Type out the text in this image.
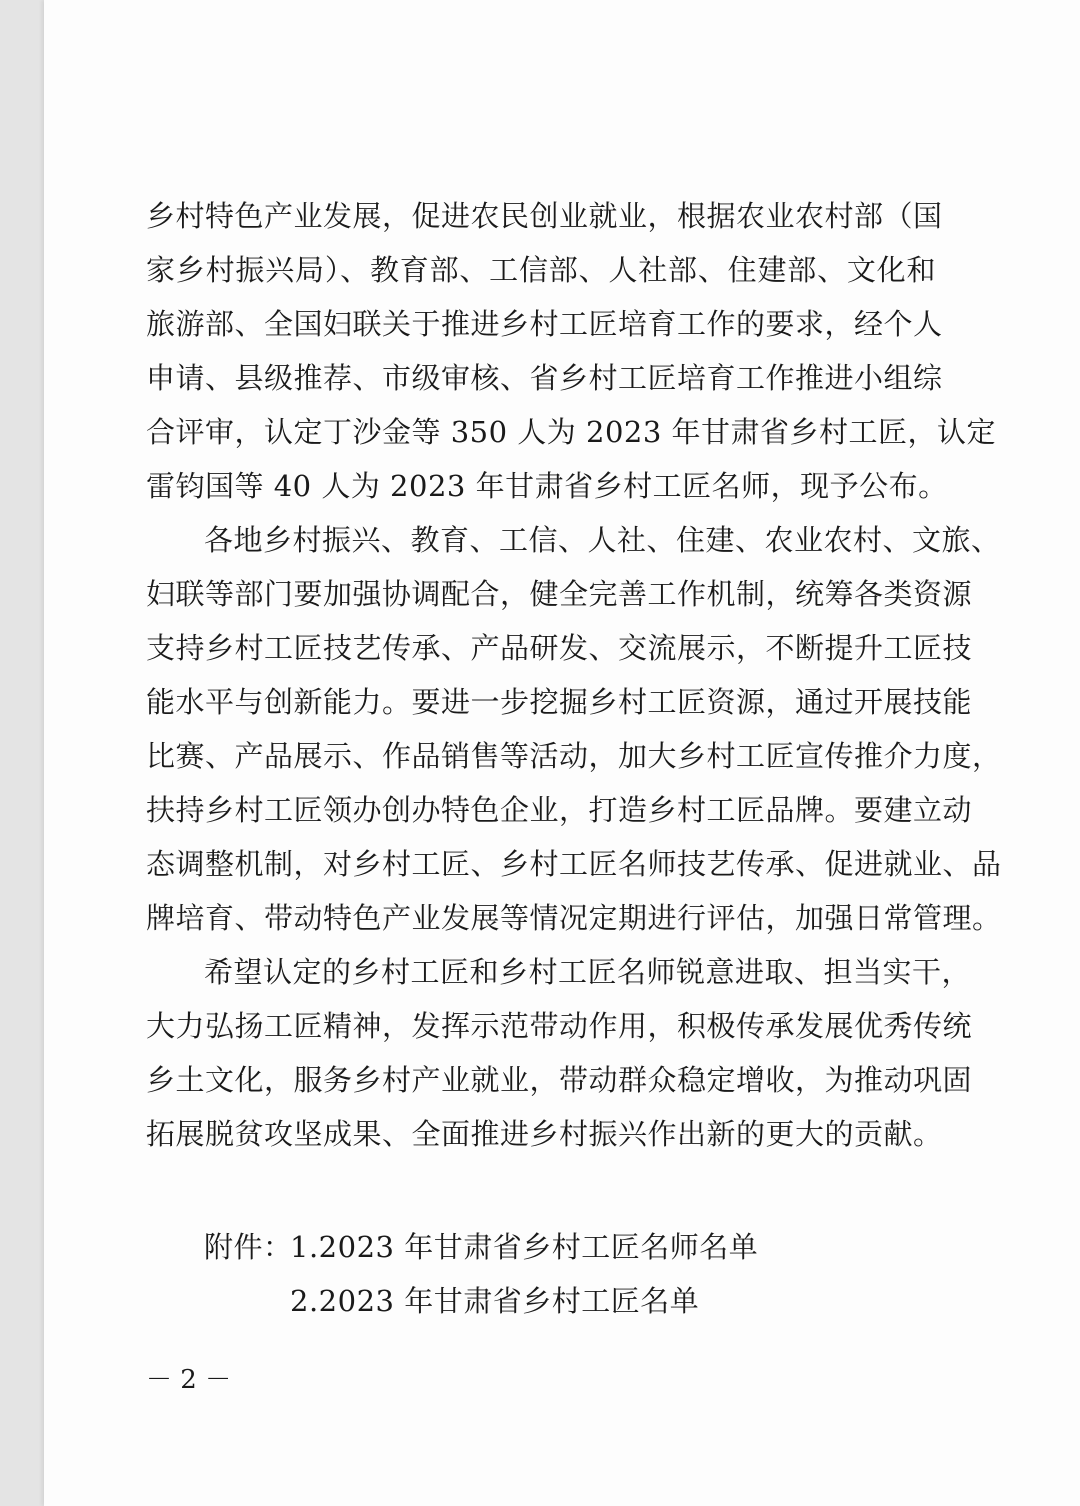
乡村特色产业发展，促进农民创业就业，根据农业农村部（国
家乡村振兴局）、教育部、工信部、人社部、住建部、文化和
旅游部、全国妇联关于推进乡村工匠培育工作的要求，经个人
申请、县级推荐、市级审核、省乡村工匠培育工作推进小组综
合评审，认定丁沙金等 350 人为 2023 年甘肃省乡村工匠，认定
雷钧国等 40 人为 2023 年甘肃省乡村工匠名师，现予公布。
各地乡村振兴、教育、工信、人社、住建、农业农村、文旅、
妇联等部门要加强协调配合，健全完善工作机制，统筹各类资源
支持乡村工匠技艺传承、产品研发、交流展示，不断提升工匠技
能水平与创新能力。要进一步挖掘乡村工匠资源，通过开展技能
比赛、产品展示、作品销售等活动，加大乡村工匠宣传推介力度，
扶持乡村工匠领办创办特色企业，打造乡村工匠品牌。要建立动
态调整机制，对乡村工匠、乡村工匠名师技艺传承、促进就业、品
牌培育、带动特色产业发展等情况定期进行评估，加强日常管理。
希望认定的乡村工匠和乡村工匠名师锐意进取、担当实干，
大力弘扬工匠精神，发挥示范带动作用，积极传承发展优秀传统
乡土文化，服务乡村产业就业，带动群众稳定增收，为推动巩固
拓展脱贫攻坚成果、全面推进乡村振兴作出新的更大的贡献。
附件：
1.2023 年甘肃省乡村工匠名师名单
2.2023 年甘肃省乡村工匠名单
－ 2 －
